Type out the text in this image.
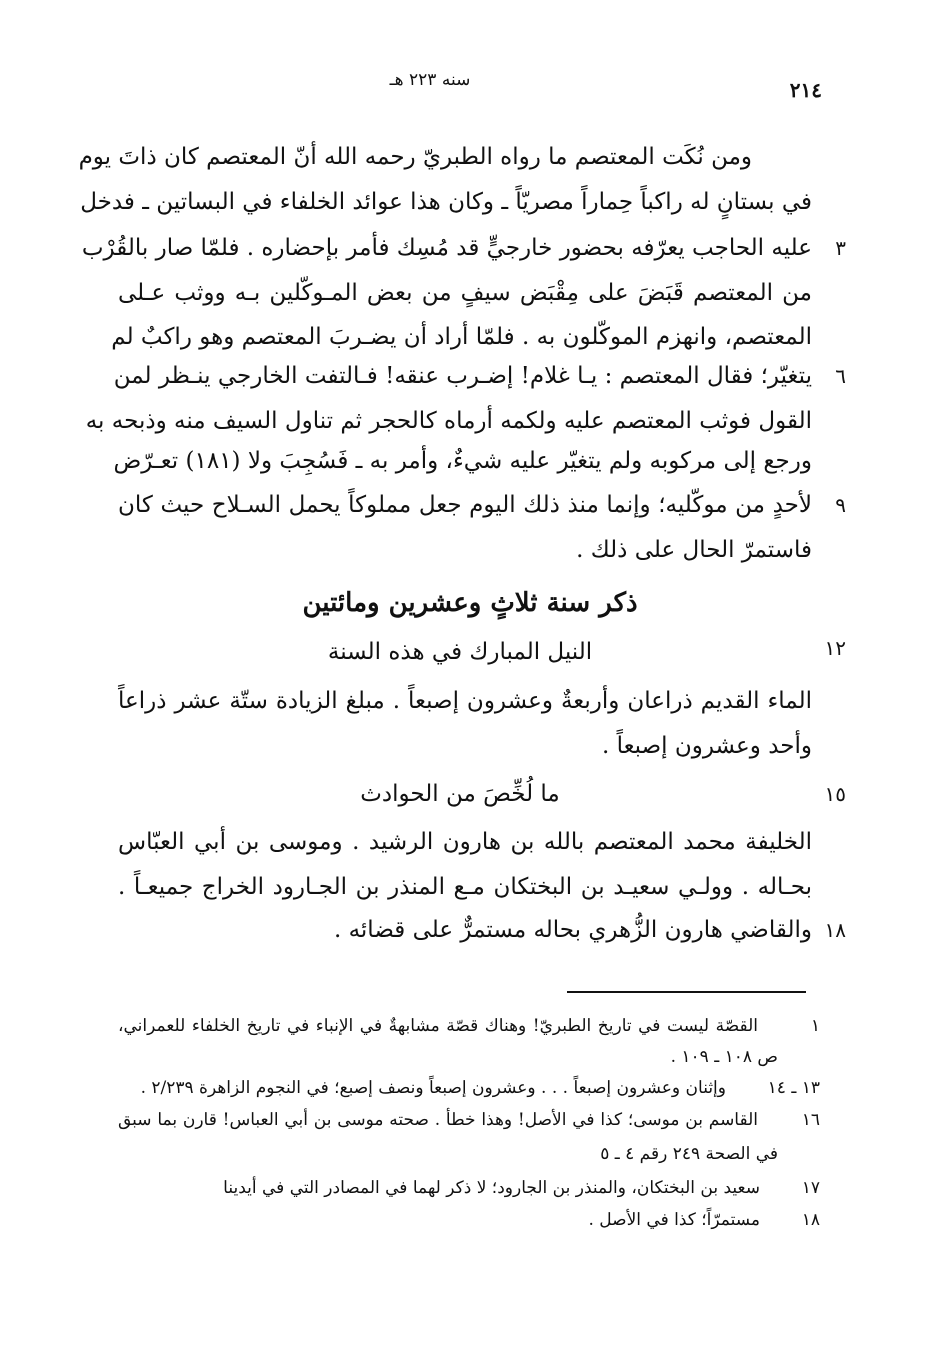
سنه ٢٢٣ هـ	٢١٤
ومن نُكَت المعتصم ما رواه الطبريّ رحمه الله أنّ المعتصم كان ذاتَ يوم
في بستانٍ له راكباً حِماراً مصريّاً ـ وكان هذا عوائد الخلفاء في البساتين ـ فدخل
عليه الحاجب يعرّفه بحضور خارجيٍّ قد مُسِك فأمر بإحضاره . فلمّا صار بالقُرْب	٣
من المعتصم قَبَضَ على مِقْبَض سيفٍ من بعض المـوكّلين بـه ووثب عـلى
المعتصم، وانهزم الموكّلون به . فلمّا أراد أن يضـربَ المعتصم وهو راكبٌ لم
يتغيّر؛ فقال المعتصم : يـا غلام! إضـرب عنقه! فـالتفت الخارجي ينـظر لمن	٦
القول فوثب المعتصم عليه ولكمه أرماه كالحجر ثم تناول السيف منه وذبحه به
ورجع إلى مركوبه ولم يتغيّر عليه شيءٌ، وأمر به ـ فَسُجِبَ ولا (١٨١) تعـرّض
لأحدٍ من موكّليه؛ وإنما منذ ذلك اليوم جعل مملوكاً يحمل السـلاح حيث كان	٩
فاستمرّ الحال على ذلك .
ذكر سنة ثلاثٍ وعشرين ومائتين
النيل المبارك في هذه السنة	١٢
الماء القديم ذراعان وأربعةٌ وعشرون إصبعاً . مبلغ الزيادة ستّة عشر ذراعاً
وأحد وعشرون إصبعاً .
ما لُخِّصَ من الحوادث	١٥
الخليفة محمد المعتصم بالله بن هارون الرشيد . وموسى بن أبي العبّاس
بحـاله . وولـي سعيـد بن البختكان مـع المنذر بن الجـارود الخراج جميعـاً .
والقاضي هارون الزُّهري بحاله مستمرٌّ على قضائه . ١٨
١
القصّة ليست في تاريخ الطبريّ! وهناك قصّة مشابهةٌ في الإنباء في تاريخ الخلفاء للعمراني،
ص ١٠٨ ـ ١٠٩ .
١٣ ـ ١٤
وإثنان وعشرون إصبعاً . . . وعشرون إصبعاً ونصف إصبع؛ في النجوم الزاهرة ٢/٢٣٩ .
١٦
القاسم بن موسى؛ كذا في الأصل! وهذا خطأ . صحته موسى بن أبي العباس! قارن بما سبق
في الصحة ٢٤٩ رقم ٤ ـ ٥
١٧
سعيد بن البختكان، والمنذر بن الجارود؛ لا ذكر لهما في المصادر التي في أيدينا
١٨
مستمرّاً؛ كذا في الأصل .
